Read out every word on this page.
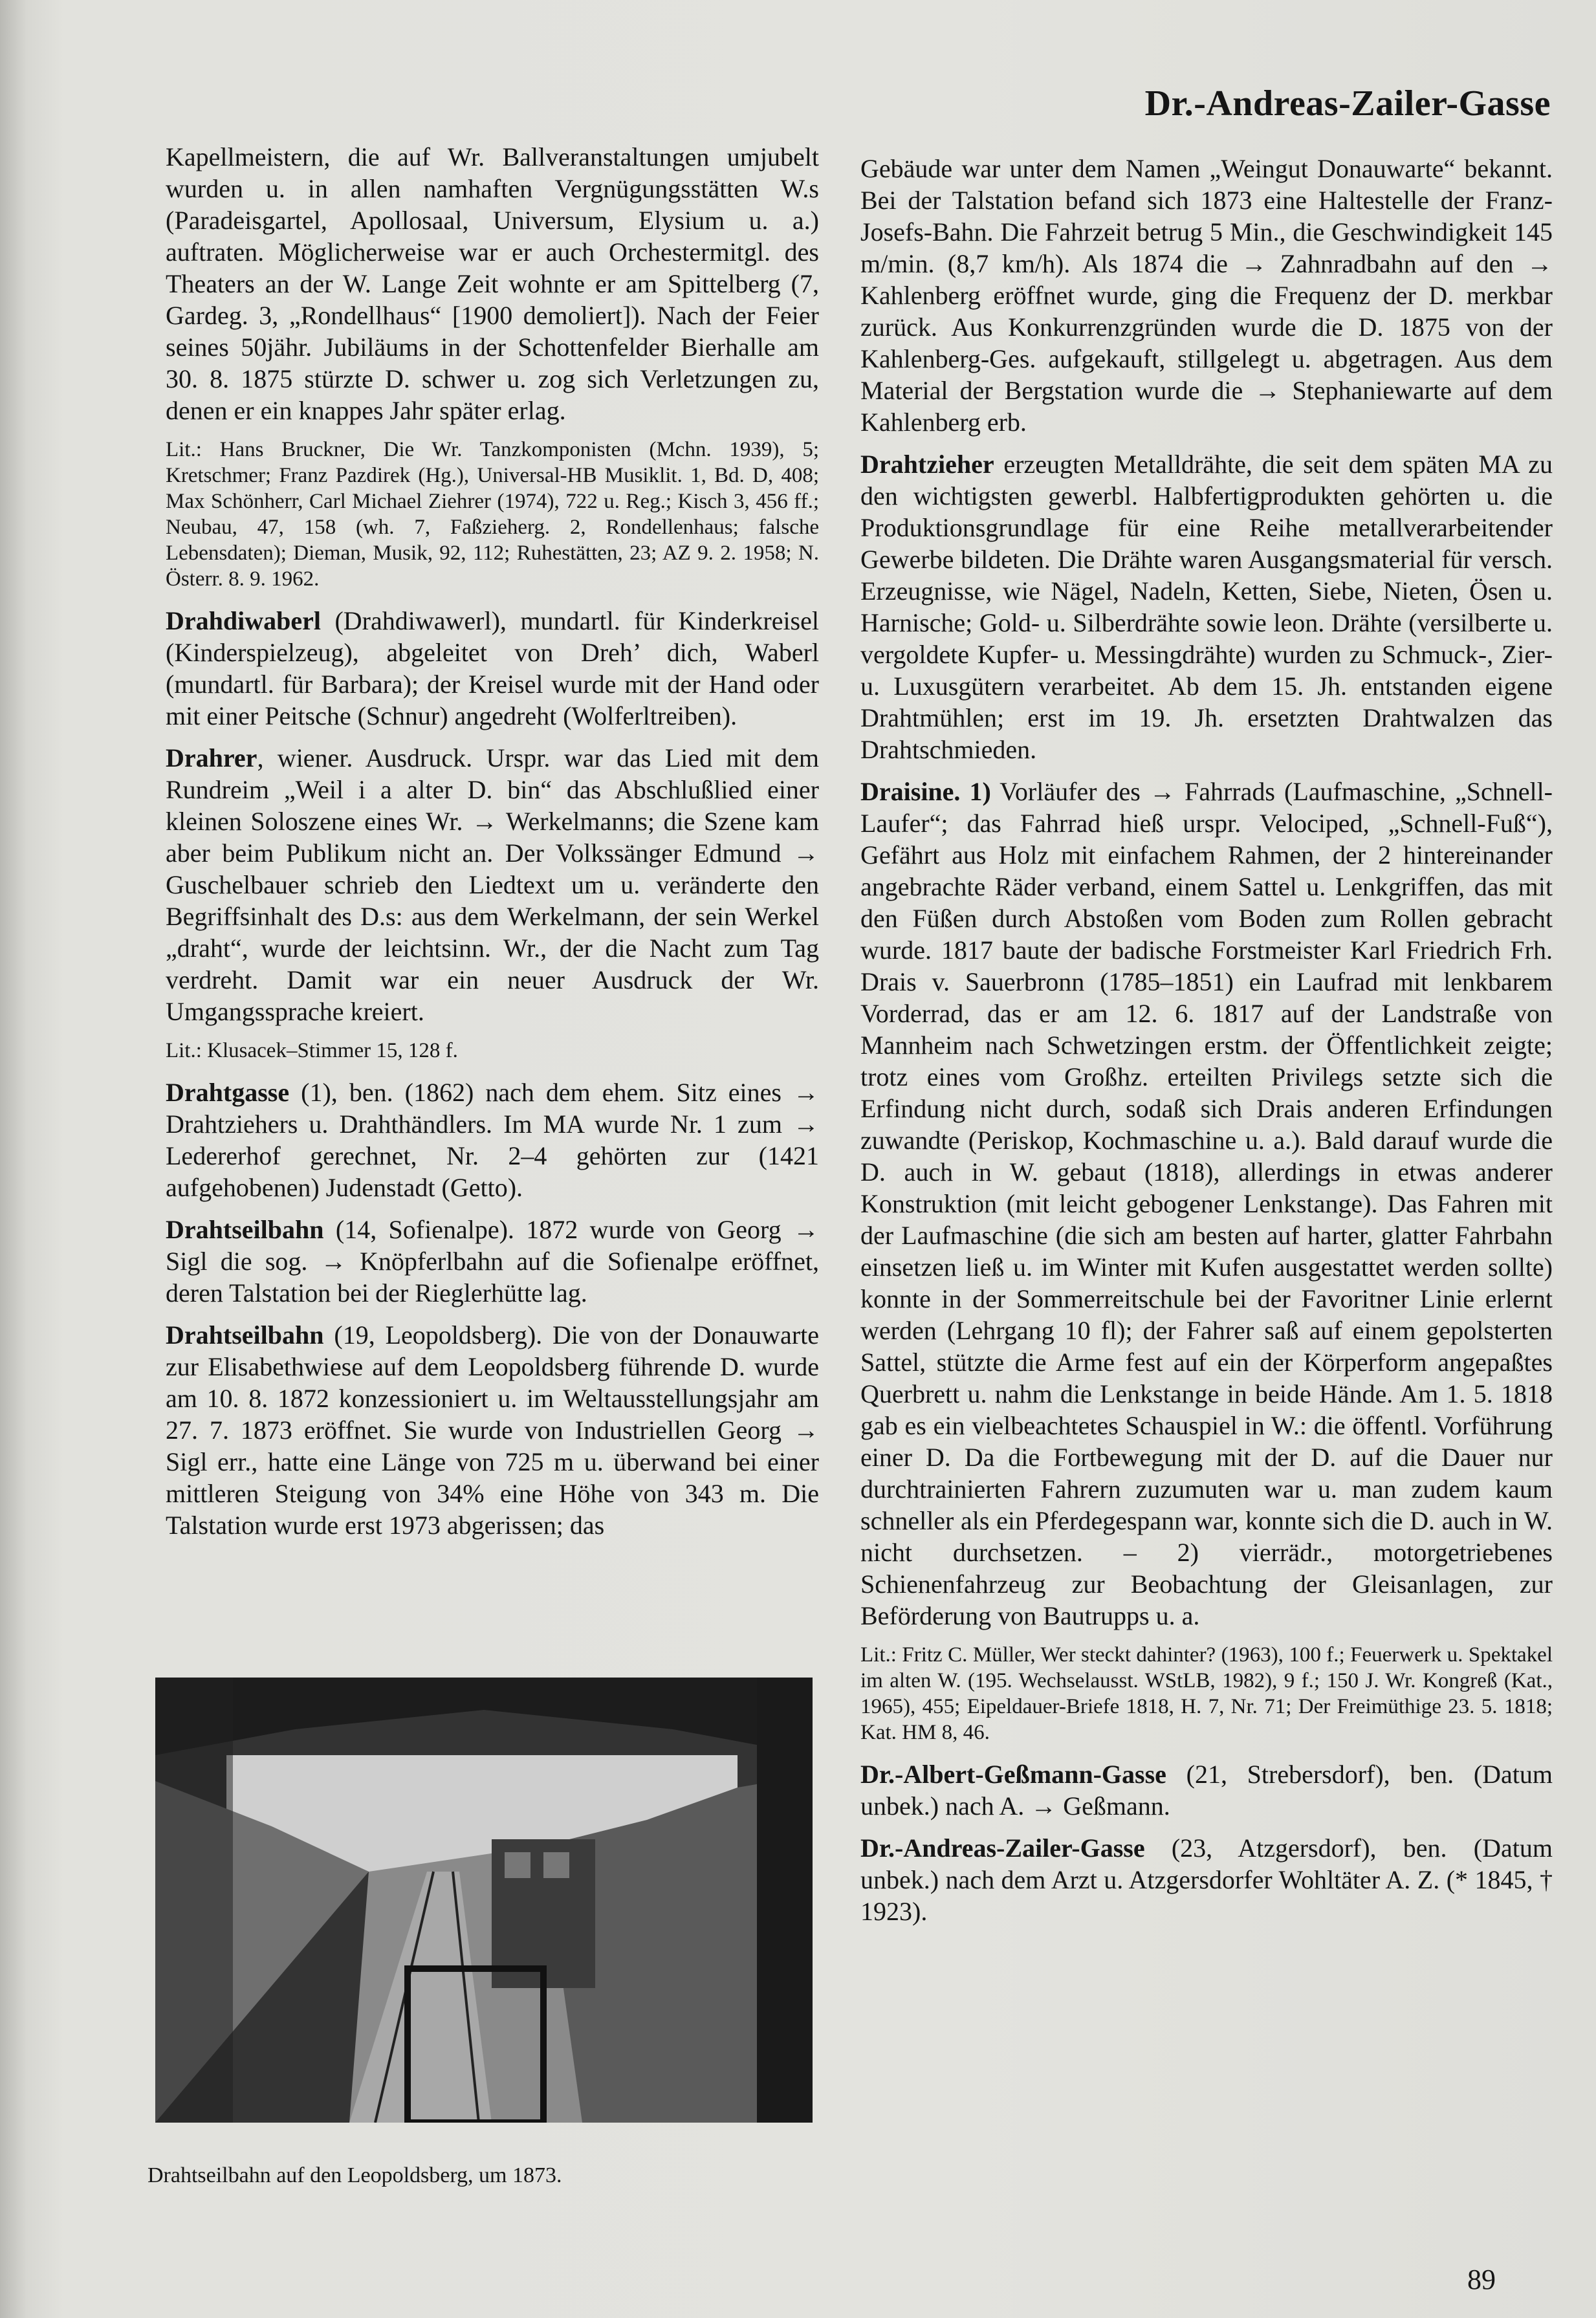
Dr.-Andreas-Zailer-Gasse

Kapellmeistern, die auf Wr. Ballveranstaltungen umjubelt wurden u. in allen namhaften Vergnügungsstätten W.s (Paradeisgartel, Apollosaal, Universum, Elysium u. a.) auftraten. Möglicherweise war er auch Orchestermitgl. des Theaters an der W. Lange Zeit wohnte er am Spittelberg (7, Gardeg. 3, „Rondellhaus“ [1900 demoliert]). Nach der Feier seines 50jähr. Jubiläums in der Schottenfelder Bierhalle am 30. 8. 1875 stürzte D. schwer u. zog sich Verletzungen zu, denen er ein knappes Jahr später erlag.

Lit.: Hans Bruckner, Die Wr. Tanzkomponisten (Mchn. 1939), 5; Kretschmer; Franz Pazdirek (Hg.), Universal-HB Musiklit. 1, Bd. D, 408; Max Schönherr, Carl Michael Ziehrer (1974), 722 u. Reg.; Kisch 3, 456 ff.; Neubau, 47, 158 (wh. 7, Faßzieherg. 2, Rondellenhaus; falsche Lebensdaten); Dieman, Musik, 92, 112; Ruhestätten, 23; AZ 9. 2. 1958; N. Österr. 8. 9. 1962.

Drahdiwaberl (Drahdiwawerl), mundartl. für Kinderkreisel (Kinderspielzeug), abgeleitet von Dreh’ dich, Waberl (mundartl. für Barbara); der Kreisel wurde mit der Hand oder mit einer Peitsche (Schnur) angedreht (Wolferltreiben).

Drahrer, wiener. Ausdruck. Urspr. war das Lied mit dem Rundreim „Weil i a alter D. bin“ das Abschlußlied einer kleinen Soloszene eines Wr. → Werkelmanns; die Szene kam aber beim Publikum nicht an. Der Volkssänger Edmund → Guschelbauer schrieb den Liedtext um u. veränderte den Begriffsinhalt des D.s: aus dem Werkelmann, der sein Werkel „draht“, wurde der leichtsinn. Wr., der die Nacht zum Tag verdreht. Damit war ein neuer Ausdruck der Wr. Umgangssprache kreiert.

Lit.: Klusacek–Stimmer 15, 128 f.

Drahtgasse (1), ben. (1862) nach dem ehem. Sitz eines → Drahtziehers u. Drahthändlers. Im MA wurde Nr. 1 zum → Ledererhof gerechnet, Nr. 2–4 gehörten zur (1421 aufgehobenen) Judenstadt (Getto).

Drahtseilbahn (14, Sofienalpe). 1872 wurde von Georg → Sigl die sog. → Knöpferlbahn auf die Sofienalpe eröffnet, deren Talstation bei der Rieglerhütte lag.

Drahtseilbahn (19, Leopoldsberg). Die von der Donauwarte zur Elisabethwiese auf dem Leopoldsberg führende D. wurde am 10. 8. 1872 konzessioniert u. im Weltausstellungsjahr am 27. 7. 1873 eröffnet. Sie wurde von Industriellen Georg → Sigl err., hatte eine Länge von 725 m u. überwand bei einer mittleren Steigung von 34% eine Höhe von 343 m. Die Talstation wurde erst 1973 abgerissen; das

Drahtseilbahn auf den Leopoldsberg, um 1873.

Gebäude war unter dem Namen „Weingut Donauwarte“ bekannt. Bei der Talstation befand sich 1873 eine Haltestelle der Franz-Josefs-Bahn. Die Fahrzeit betrug 5 Min., die Geschwindigkeit 145 m/min. (8,7 km/h). Als 1874 die → Zahnradbahn auf den → Kahlenberg eröffnet wurde, ging die Frequenz der D. merkbar zurück. Aus Konkurrenzgründen wurde die D. 1875 von der Kahlenberg-Ges. aufgekauft, stillgelegt u. abgetragen. Aus dem Material der Bergstation wurde die → Stephaniewarte auf dem Kahlenberg erb.

Drahtzieher erzeugten Metalldrähte, die seit dem späten MA zu den wichtigsten gewerbl. Halbfertigprodukten gehörten u. die Produktionsgrundlage für eine Reihe metallverarbeitender Gewerbe bildeten. Die Drähte waren Ausgangsmaterial für versch. Erzeugnisse, wie Nägel, Nadeln, Ketten, Siebe, Nieten, Ösen u. Harnische; Gold- u. Silberdrähte sowie leon. Drähte (versilberte u. vergoldete Kupfer- u. Messingdrähte) wurden zu Schmuck-, Zier- u. Luxusgütern verarbeitet. Ab dem 15. Jh. entstanden eigene Drahtmühlen; erst im 19. Jh. ersetzten Drahtwalzen das Drahtschmieden.

Draisine. 1) Vorläufer des → Fahrrads (Laufmaschine, „Schnell-Laufer“; das Fahrrad hieß urspr. Velociped, „Schnell-Fuß“), Gefährt aus Holz mit einfachem Rahmen, der 2 hintereinander angebrachte Räder verband, einem Sattel u. Lenkgriffen, das mit den Füßen durch Abstoßen vom Boden zum Rollen gebracht wurde. 1817 baute der badische Forstmeister Karl Friedrich Frh. Drais v. Sauerbronn (1785–1851) ein Laufrad mit lenkbarem Vorderrad, das er am 12. 6. 1817 auf der Landstraße von Mannheim nach Schwetzingen erstm. der Öffentlichkeit zeigte; trotz eines vom Großhz. erteilten Privilegs setzte sich die Erfindung nicht durch, sodaß sich Drais anderen Erfindungen zuwandte (Periskop, Kochmaschine u. a.). Bald darauf wurde die D. auch in W. gebaut (1818), allerdings in etwas anderer Konstruktion (mit leicht gebogener Lenkstange). Das Fahren mit der Laufmaschine (die sich am besten auf harter, glatter Fahrbahn einsetzen ließ u. im Winter mit Kufen ausgestattet werden sollte) konnte in der Sommerreitschule bei der Favoritner Linie erlernt werden (Lehrgang 10 fl); der Fahrer saß auf einem gepolsterten Sattel, stützte die Arme fest auf ein der Körperform angepaßtes Querbrett u. nahm die Lenkstange in beide Hände. Am 1. 5. 1818 gab es ein vielbeachtetes Schauspiel in W.: die öffentl. Vorführung einer D. Da die Fortbewegung mit der D. auf die Dauer nur durchtrainierten Fahrern zuzumuten war u. man zudem kaum schneller als ein Pferdegespann war, konnte sich die D. auch in W. nicht durchsetzen. – 2) vierrädr., motorgetriebenes Schienenfahrzeug zur Beobachtung der Gleisanlagen, zur Beförderung von Bautrupps u. a.

Lit.: Fritz C. Müller, Wer steckt dahinter? (1963), 100 f.; Feuerwerk u. Spektakel im alten W. (195. Wechselausst. WStLB, 1982), 9 f.; 150 J. Wr. Kongreß (Kat., 1965), 455; Eipeldauer-Briefe 1818, H. 7, Nr. 71; Der Freimüthige 23. 5. 1818; Kat. HM 8, 46.

Dr.-Albert-Geßmann-Gasse (21, Strebersdorf), ben. (Datum unbek.) nach A. → Geßmann.

Dr.-Andreas-Zailer-Gasse (23, Atzgersdorf), ben. (Datum unbek.) nach dem Arzt u. Atzgersdorfer Wohltäter A. Z. (* 1845, † 1923).

89
